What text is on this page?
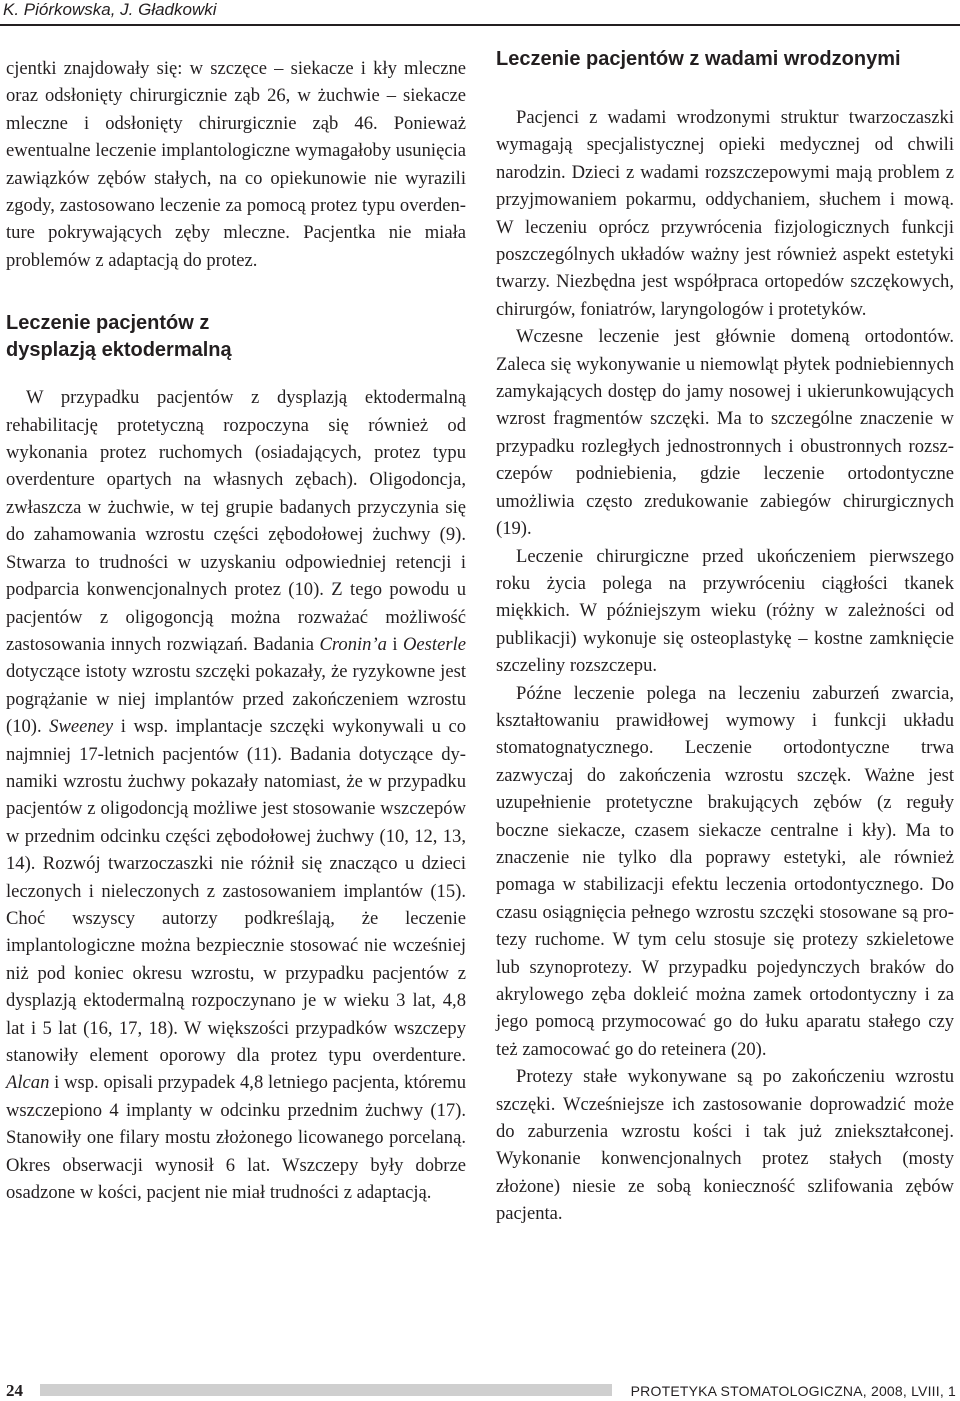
K. Piórkowska, J. Gładkowki

cjentki znajdowały się: w szczęce – siekacze i kły mleczne oraz odsłonięty chirurgicznie ząb 26, w żuchwie – siekacze mleczne i odsłonięty chirurgicznie ząb 46. Ponieważ ewentualne leczenie implantologiczne wymagałoby usunięcia zawiązków zębów stałych, na co opiekunowie nie wyrazili zgody, zastosowano leczenie za pomocą protez typu overdenture pokrywających zęby mleczne. Pacjentka nie miała problemów z adaptacją do protez.

Leczenie pacjentów z
dysplazją ektodermalną

W przypadku pacjentów z dysplazją ektodermalną rehabilitację protetyczną rozpoczyna się również od wykonania protez ruchomych (osiadających, protez typu overdenture opartych na własnych zębach). Oligodoncja, zwłaszcza w żuchwie, w tej grupie badanych przyczynia się do zahamowania wzrostu części zębodołowej żuchwy (9). Stwarza to trudności w uzyskaniu odpowiedniej retencji i podparcia konwencjonalnych protez (10). Z tego powodu u pacjentów z oligogoncją można rozważać możliwość zastosowania innych rozwiązań. Badania Cronin’a i Oesterle dotyczące istoty wzrostu szczęki pokazały, że ryzykowne jest pogrążanie w niej implantów przed zakończeniem wzrostu (10). Sweeney i wsp. implantacje szczęki wykonywali u co najmniej 17-letnich pacjentów (11). Badania dotyczące dynamiki wzrostu żuchwy pokazały natomiast, że w przypadku pacjentów z oligodoncją możliwe jest stosowanie wszczepów w przednim odcinku części zębodołowej żuchwy (10, 12, 13, 14). Rozwój twarzoczaszki nie różnił się znacząco u dzieci leczonych i nieleczonych z zastosowaniem implantów (15). Choć wszyscy autorzy podkreślają, że leczenie implantologiczne można bezpiecznie stosować nie wcześniej niż pod koniec okresu wzrostu, w przypadku pacjentów z dysplazją ektodermalną rozpoczynano je w wieku 3 lat, 4,8 lat i 5 lat (16, 17, 18). W większości przypadków wszczepy stanowiły element oporowy dla protez typu overdenture. Alcan i wsp. opisali przypadek 4,8 letniego pacjenta, któremu wszczepiono 4 implanty w odcinku przednim żuchwy (17). Stanowiły one filary mostu złożonego licowanego porcelaną. Okres obserwacji wynosił 6 lat. Wszczepy były dobrze osadzone w kości, pacjent nie miał trudności z adaptacją.

Leczenie pacjentów z wadami wrodzonymi

Pacjenci z wadami wrodzonymi struktur twarzoczaszki wymagają specjalistycznej opieki medycznej od chwili narodzin. Dzieci z wadami rozszczepowymi mają problem z przyjmowaniem pokarmu, oddychaniem, słuchem i mową. W leczeniu oprócz przywrócenia fizjologicznych funkcji poszczególnych układów ważny jest również aspekt estetyki twarzy. Niezbędna jest współpraca ortopedów szczękowych, chirurgów, foniatrów, laryngologów i protetyków.

Wczesne leczenie jest głównie domeną ortodontów. Zaleca się wykonywanie u niemowląt płytek podniebiennych zamykających dostęp do jamy nosowej i ukierunkowujących wzrost fragmentów szczęki. Ma to szczególne znaczenie w przypadku rozległych jednostronnych i obustronnych rozszczepów podniebienia, gdzie leczenie ortodontyczne umożliwia często zredukowanie zabiegów chirurgicznych (19).

Leczenie chirurgiczne przed ukończeniem pierwszego roku życia polega na przywróceniu ciągłości tkanek miękkich. W późniejszym wieku (różny w zależności od publikacji) wykonuje się osteoplastykę – kostne zamknięcie szczeliny rozszczepu.

Późne leczenie polega na leczeniu zaburzeń zwarcia, kształtowaniu prawidłowej wymowy i funkcji układu stomatognatycznego. Leczenie ortodontyczne trwa zazwyczaj do zakończenia wzrostu szczęk. Ważne jest uzupełnienie protetyczne brakujących zębów (z reguły boczne siekacze, czasem siekacze centralne i kły). Ma to znaczenie nie tylko dla poprawy estetyki, ale również pomaga w stabilizacji efektu leczenia ortodontycznego. Do czasu osiągnięcia pełnego wzrostu szczęki stosowane są protezy ruchome. W tym celu stosuje się protezy szkieletowe lub szynoprotezy. W przypadku pojedynczych braków do akrylowego zęba dokleić można zamek ortodontyczny i za jego pomocą przymocować go do łuku aparatu stałego czy też zamocować go do reteinera (20).

Protezy stałe wykonywane są po zakończeniu wzrostu szczęki. Wcześniejsze ich zastosowanie doprowadzić może do zaburzenia wzrostu kości i tak już zniekształconej. Wykonanie konwencjonalnych protez stałych (mosty złożone) niesie ze sobą konieczność szlifowania zębów pacjenta.

24	PROTETYKA STOMATOLOGICZNA, 2008, LVIII, 1
